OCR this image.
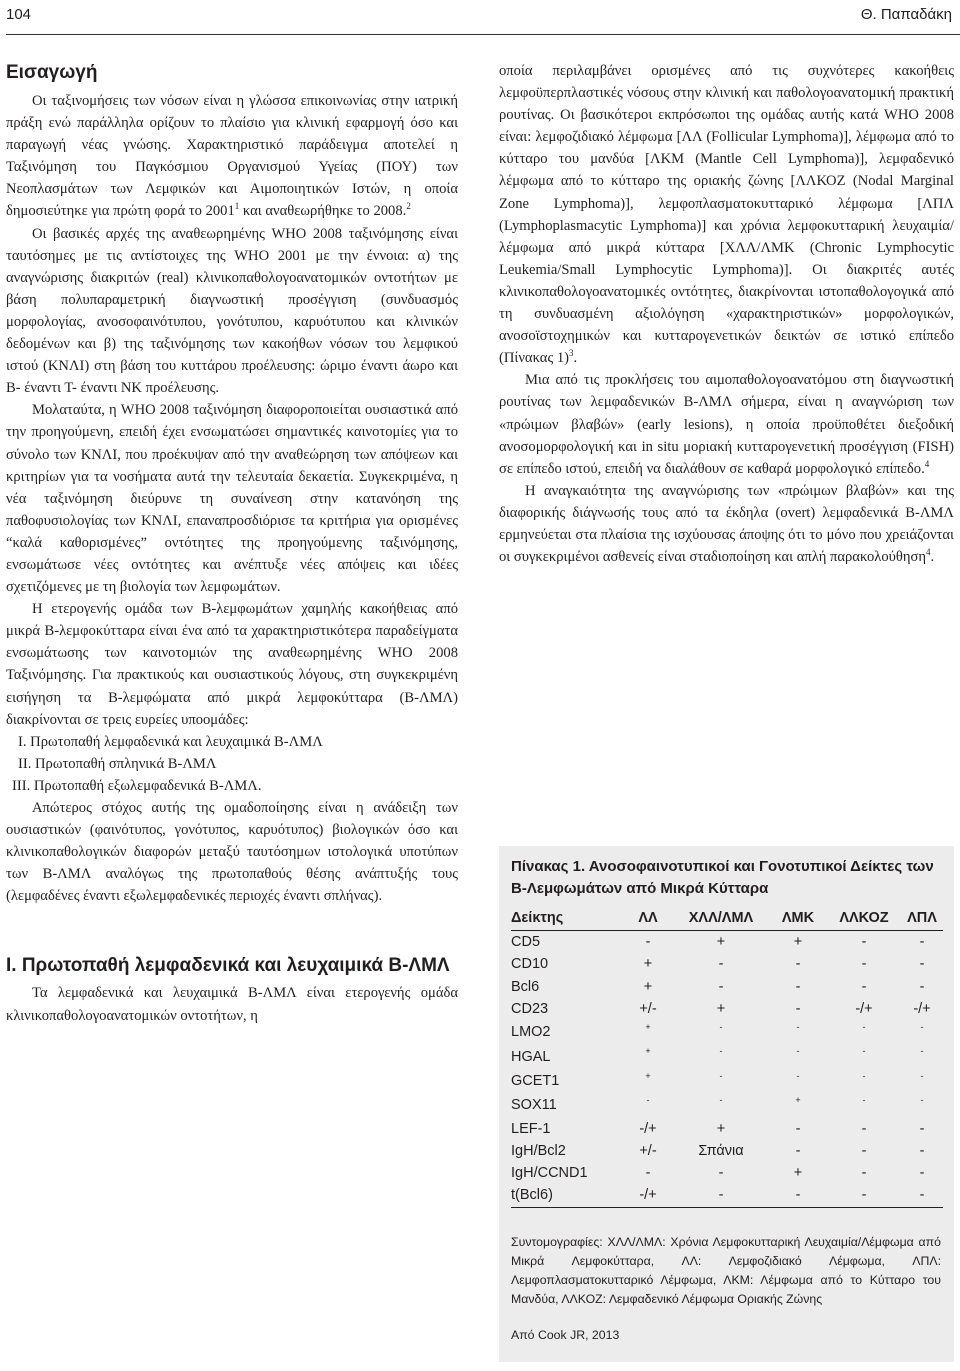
104	Θ. Παπαδάκη
Εισαγωγή

Οι ταξινομήσεις των νόσων είναι η γλώσσα επικοινωνίας στην ιατρική πράξη ενώ παράλληλα ορίζουν το πλαίσιο για κλινική εφαρμογή όσο και παραγωγή νέας γνώσης. Χαρακτηριστικό παράδειγμα αποτελεί η Ταξινόμηση του Παγκόσμιου Οργανισμού Υγείας (ΠΟΥ) των Νεοπλασμάτων των Λεμφικών και Αιμοποιητικών Ιστών, η οποία δημοσιεύτηκε για πρώτη φορά το 2001$^1$ και αναθεωρήθηκε το 2008.$^2$

Οι βασικές αρχές της αναθεωρημένης WHO 2008 ταξινόμησης είναι ταυτόσημες με τις αντίστοιχες της WHO 2001 με την έννοια: α) της αναγνώρισης διακριτών (real) κλινικοπαθολογοανατομικών οντοτήτων με βάση πολυπαραμετρική διαγνωστική προσέγγιση (συνδυασμός μορφολογίας, ανοσοφαινότυπου, γονότυπου, καρυότυπου και κλινικών δεδομένων και β) της ταξινόμησης των κακοήθων νόσων του λεμφικού ιστού (ΚΝΛΙ) στη βάση του κυττάρου προέλευσης: ώριμο έναντι άωρο και Β- έναντι Τ- έναντι ΝΚ προέλευσης.

Μολαταύτα, η WHO 2008 ταξινόμηση διαφοροποιείται ουσιαστικά από την προηγούμενη, επειδή έχει ενσωματώσει σημαντικές καινοτομίες για το σύνολο των ΚΝΛΙ, που προέκυψαν από την αναθεώρηση των απόψεων και κριτηρίων για τα νοσήματα αυτά την τελευταία δεκαετία. Συγκεκριμένα, η νέα ταξινόμηση διεύρυνε τη συναίνεση στην κατανόηση της παθοφυσιολογίας των ΚΝΛΙ, επαναπροσδιόρισε τα κριτήρια για ορισμένες “καλά καθορισμένες” οντότητες της προηγούμενης ταξινόμησης, ενσωμάτωσε νέες οντότητες και ανέπτυξε νέες απόψεις και ιδέες σχετιζόμενες με τη βιολογία των λεμφωμάτων.

Η ετερογενής ομάδα των Β-λεμφωμάτων χαμηλής κακοήθειας από μικρά Β-λεμφοκύτταρα είναι ένα από τα χαρακτηριστικότερα παραδείγματα ενσωμάτωσης των καινοτομιών της αναθεωρημένης WHO 2008 Ταξινόμησης. Για πρακτικούς και ουσιαστικούς λόγους, στη συγκεκριμένη εισήγηση τα Β-λεμφώματα από μικρά λεμφοκύτταρα (Β-ΛΜΛ) διακρίνονται σε τρεις ευρείες υποομάδες:

I. Πρωτοπαθή λεμφαδενικά και λευχαιμικά Β-ΛΜΛ
II. Πρωτοπαθή σπληνικά Β-ΛΜΛ
III. Πρωτοπαθή εξωλεμφαδενικά Β-ΛΜΛ.

Απώτερος στόχος αυτής της ομαδοποίησης είναι η ανάδειξη των ουσιαστικών (φαινότυπος, γονότυπος, καρυότυπος) βιολογικών όσο και κλινικοπαθολογικών διαφορών μεταξύ ταυτόσημων ιστολογικά υποτύπων των Β-ΛΜΛ αναλόγως της πρωτοπαθούς θέσης ανάπτυξής τους (λεμφαδένες έναντι εξωλεμφαδενικές περιοχές έναντι σπλήνας).

I. Πρωτοπαθή λεμφαδενικά και λευχαιμικά Β-ΛΜΛ

Τα λεμφαδενικά και λευχαιμικά Β-ΛΜΛ είναι ετερογενής ομάδα κλινικοπαθολογοανατομικών οντοτήτων, η

οποία περιλαμβάνει ορισμένες από τις συχνότερες κακοήθεις λεμφοϋπερπλαστικές νόσους στην κλινική και παθολογοανατομική πρακτική ρουτίνας. Οι βασικότεροι εκπρόσωποι της ομάδας αυτής κατά WHO 2008 είναι: λεμφοζιδιακό λέμφωμα [ΛΛ (Follicular Lymphoma)], λέμφωμα από το κύτταρο του μανδύα [ΛΚΜ (Mantle Cell Lymphoma)], λεμφαδενικό λέμφωμα από το κύτταρο της οριακής ζώνης [ΛΛΚΟΖ (Nodal Marginal Zone Lymphoma)], λεμφοπλασματοκυτταρικό λέμφωμα [ΛΠΛ (Lymphoplasmacytic Lymphoma)] και χρόνια λεμφοκυτταρική λευχαιμία/λέμφωμα από μικρά κύτταρα [ΧΛΛ/ΛΜΚ (Chronic Lymphocytic Leukemia/Small Lymphocytic Lymphoma)]. Οι διακριτές αυτές κλινικοπαθολογοανατομικές οντότητες, διακρίνονται ιστοπαθολογογικά από τη συνδυασμένη αξιολόγηση «χαρακτηριστικών» μορφολογικών, ανοσοϊστοχημικών και κυτταρογενετικών δεικτών σε ιστικό επίπεδο (Πίνακας 1)$^3$.

Μια από τις προκλήσεις του αιμοπαθολογοανατόμου στη διαγνωστική ρουτίνας των λεμφαδενικών Β-ΛΜΛ σήμερα, είναι η αναγνώριση των «πρώιμων βλαβών» (early lesions), η οποία προϋποθέτει διεξοδική ανοσομορφολογική και in situ μοριακή κυτταρογενετική προσέγγιση (FISH) σε επίπεδο ιστού, επειδή να διαλάθουν σε καθαρά μορφολογικό επίπεδο.$^4$

Η αναγκαιότητα της αναγνώρισης των «πρώιμων βλαβών» και της διαφορικής διάγνωσής τους από τα έκδηλα (overt) λεμφαδενικά Β-ΛΜΛ ερμηνεύεται στα πλαίσια της ισχύουσας άποψης ότι το μόνο που χρειάζονται οι συγκεκριμένοι ασθενείς είναι σταδιοποίηση και απλή παρακολούθηση$^4$.

Πίνακας 1. Ανοσοφαινοτυπικοί και Γονοτυπικοί Δείκτες των Β-Λεμφωμάτων από Μικρά Κύτταρα
Δείκτης	ΛΛ	ΧΛΛ/ΛΜΛ	ΛΜΚ	ΛΛΚΟΖ	ΛΠΛ
CD5	-	+	+	-	-
CD10	+	-	-	-	-
Bcl6	+	-	-	-	-
CD23	+/-	+	-	-/+	-/+
LMO2	+	-	-	-	-
HGAL	+	-	-	-	-
GCET1	+	-	-	-	-
SOX11	-	-	+	-	-
LEF-1	-/+	+	-	-	-
IgH/Bcl2	+/-	Σπάνια	-	-	-
IgH/CCND1	-	-	+	-	-
t(Bcl6)	-/+	-	-	-	-
Συντομογραφίες: ΧΛΛ/ΛΜΛ: Χρόνια Λεμφοκυτταρική Λευχαιμία/Λέμφωμα από Μικρά Λεμφοκύτταρα, ΛΛ: Λεμφοζιδιακό Λέμφωμα, ΛΠΛ: Λεμφοπλασματοκυτταρικό Λέμφωμα, ΛΚΜ: Λέμφωμα από το Κύτταρο του Μανδύα, ΛΛΚΟΖ: Λεμφαδενικό Λέμφωμα Οριακής Ζώνης
Από Cook JR, 2013
